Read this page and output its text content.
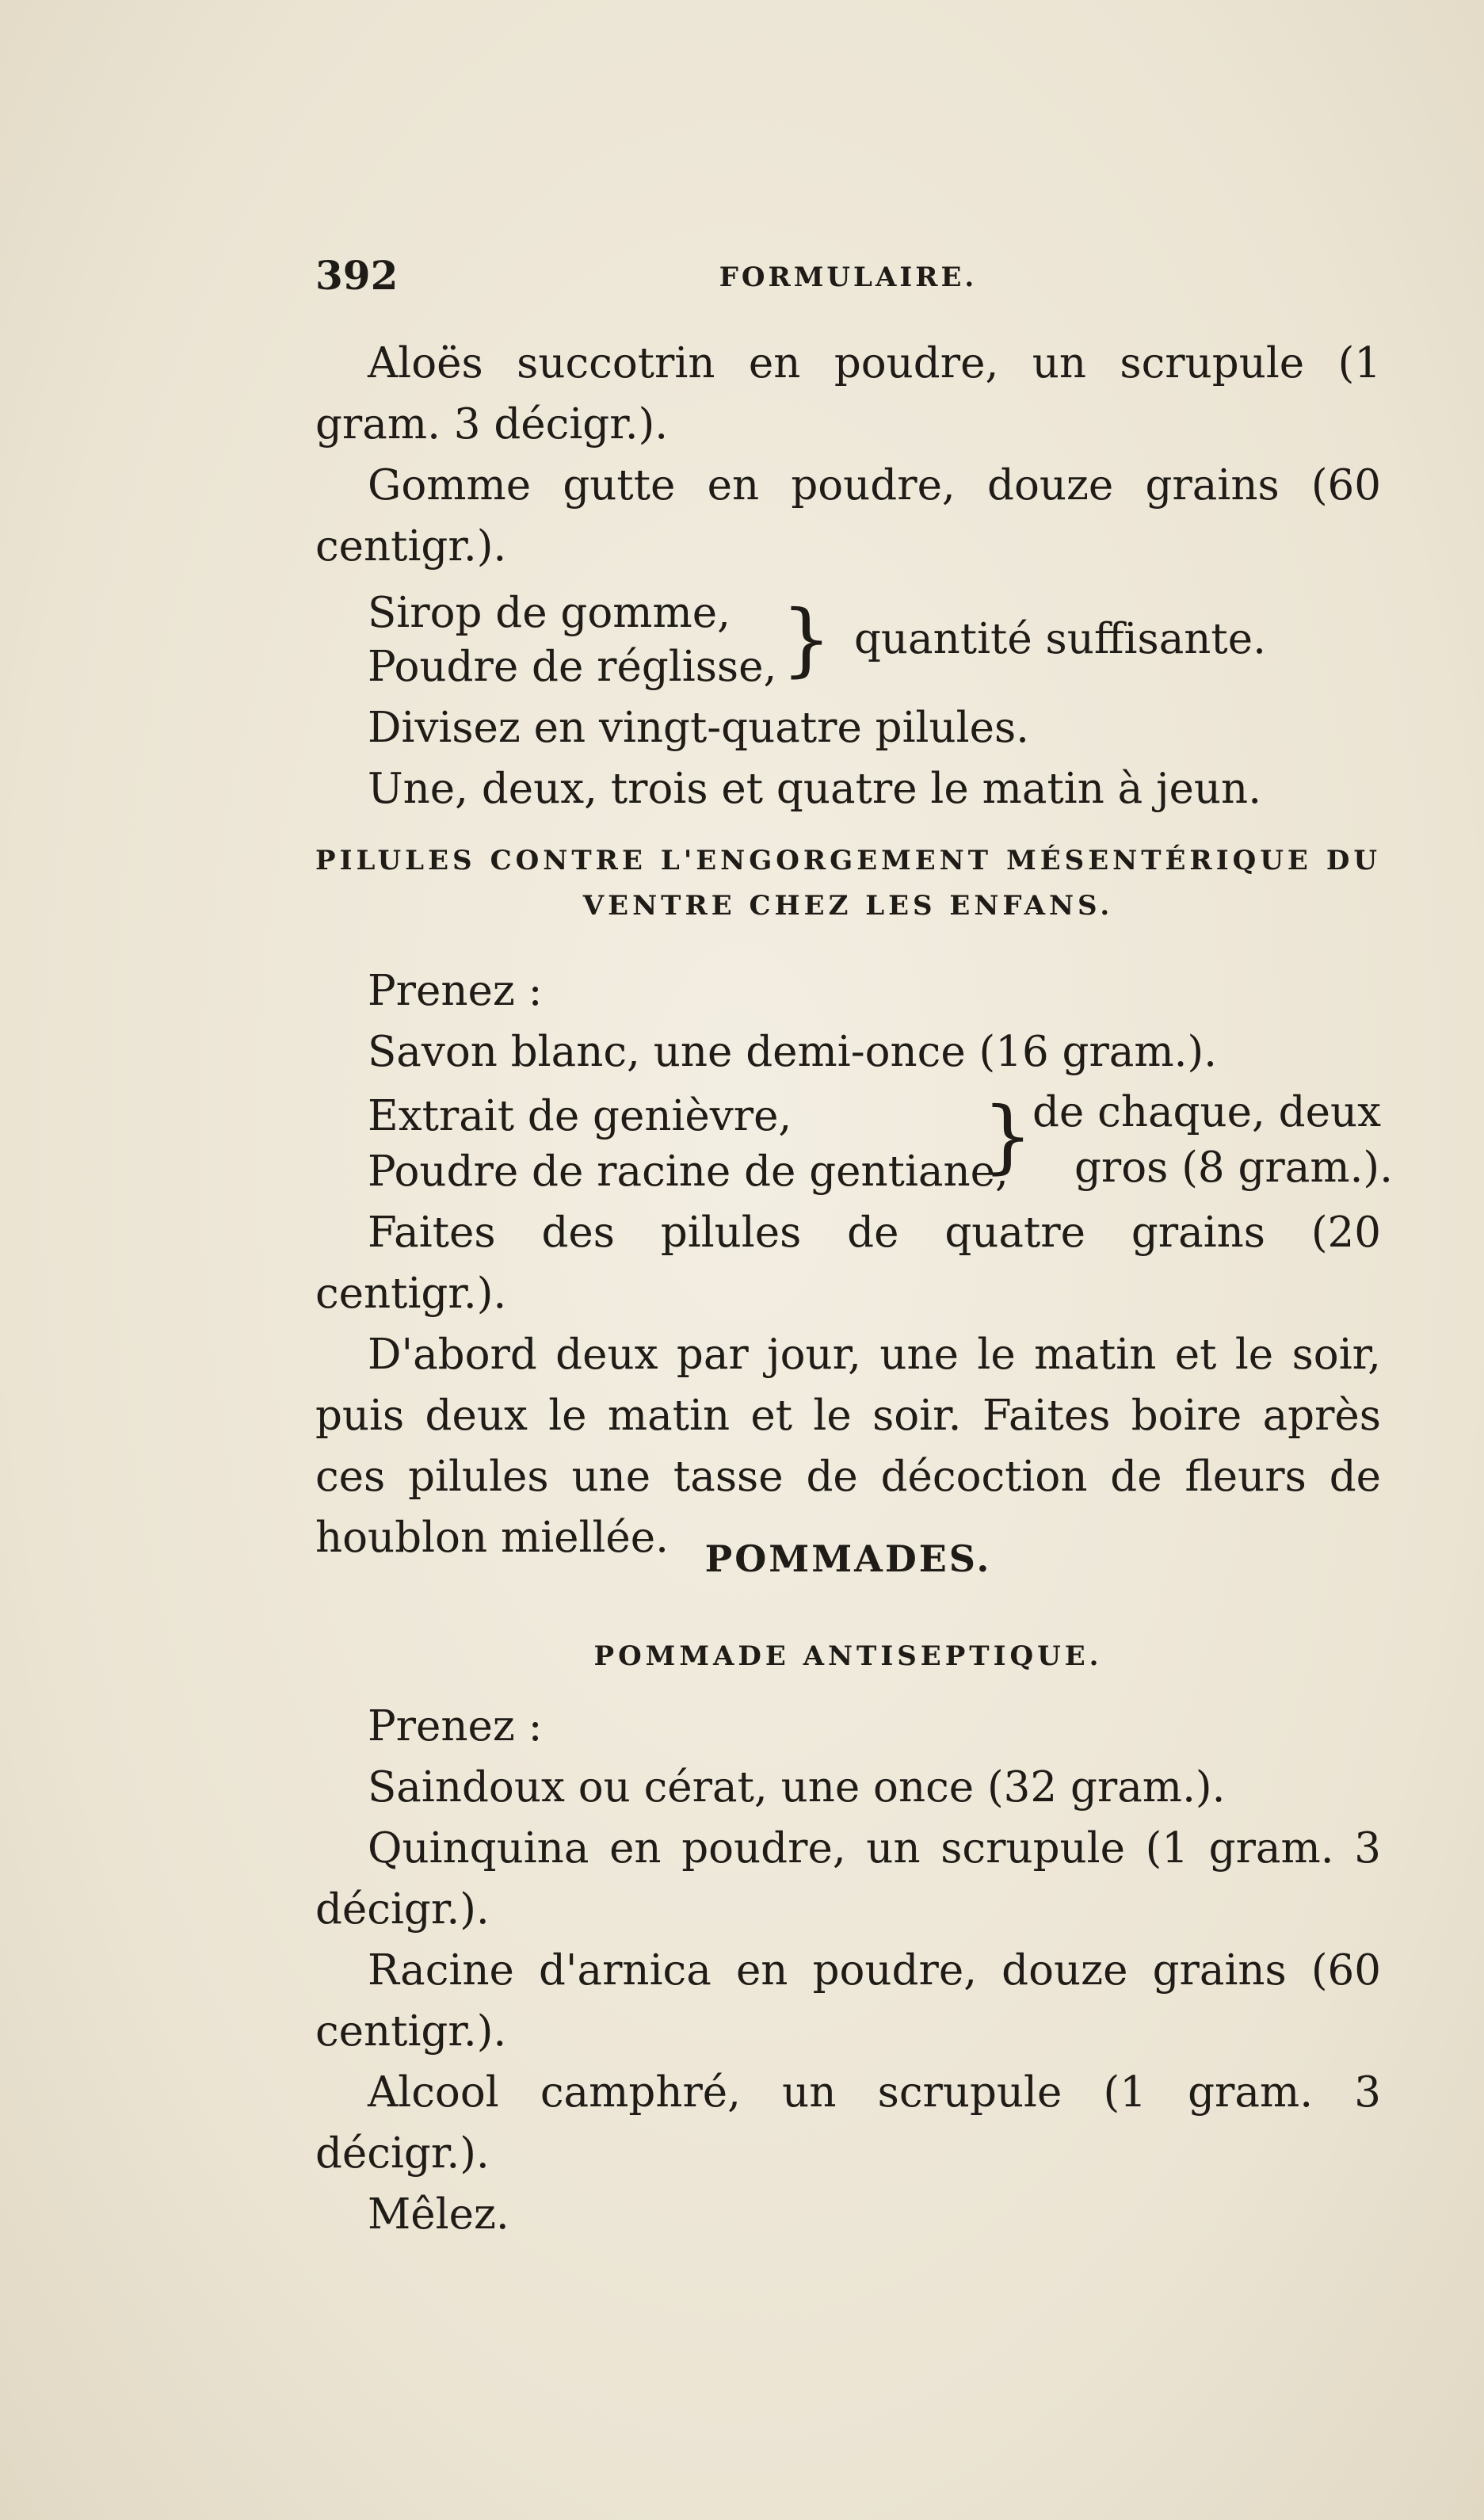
392	FORMULAIRE.

Aloës succotrin en poudre, un scrupule (1 gram. 3 décigr.).

Gomme gutte en poudre, douze grains (60 centigr.).

Sirop de gomme,
Poudre de réglisse, } quantité suffisante.

Divisez en vingt-quatre pilules.

Une, deux, trois et quatre le matin à jeun.

PILULES CONTRE L'ENGORGEMENT MÉSENTÉRIQUE DU

VENTRE CHEZ LES ENFANS.

Prenez :

Savon blanc, une demi-once (16 gram.).

Extrait de genièvre,
Poudre de racine de gentiane,
} de chaque, deux
gros (8 gram.).

Faites des pilules de quatre grains (20 centigr.).

D'abord deux par jour, une le matin et le soir, puis deux le matin et le soir. Faites boire après ces pilules une tasse de décoction de fleurs de houblon miellée. POMMADES.

POMMADE ANTISEPTIQUE.

Prenez :

Saindoux ou cérat, une once (32 gram.).

Quinquina en poudre, un scrupule (1 gram. 3 décigr.).

Racine d'arnica en poudre, douze grains (60 centigr.).

Alcool camphré, un scrupule (1 gram. 3 décigr.).

Mêlez.
